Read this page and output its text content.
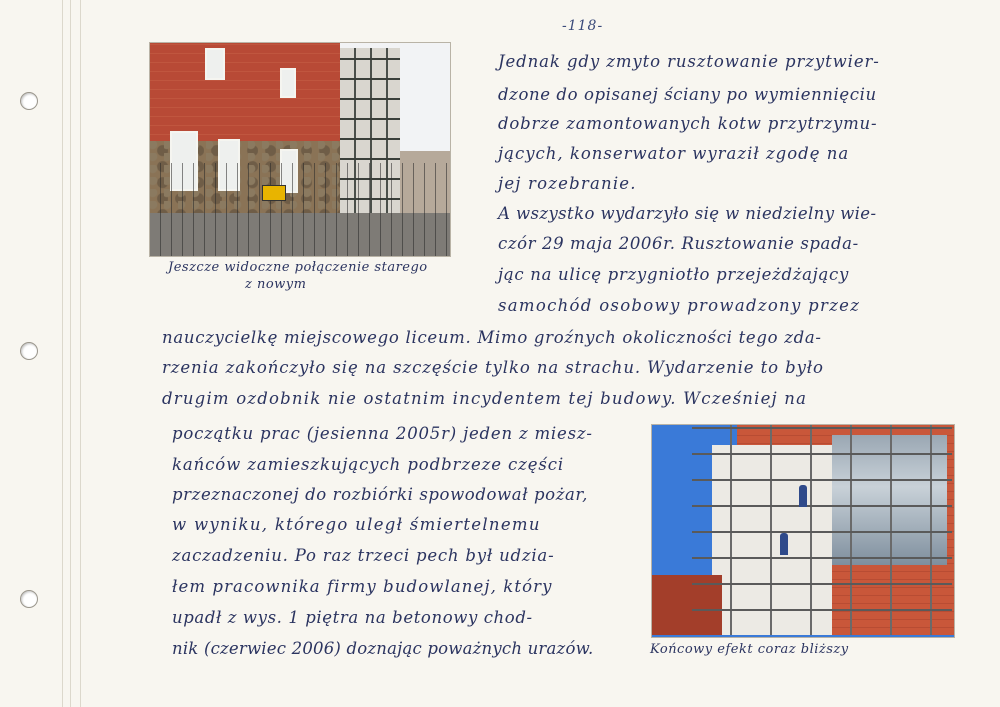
-118-
Jeszcze widoczne połączenie starego
z nowym
Końcowy efekt coraz bliższy
Jednak gdy zmyto rusztowanie przytwier-
dzone do opisanej ściany po wymiennięciu
dobrze zamontowanych kotw przytrzymu-
jących, konserwator wyraził zgodę na
jej rozebranie.
A wszystko wydarzyło się w niedzielny wie-
czór 29 maja 2006r. Rusztowanie spada-
jąc na ulicę przygniotło przejeżdżający
samochód osobowy prowadzony przez
nauczycielkę miejscowego liceum. Mimo groźnych okoliczności tego zda-
rzenia zakończyło się na szczęście tylko na strachu. Wydarzenie to było
drugim ozdobnik nie ostatnim incydentem tej budowy. Wcześniej na
początku prac (jesienna 2005r) jeden z miesz-
kańców zamieszkujących podbrzeze części
przeznaczonej do rozbiórki spowodował pożar,
w wyniku, którego uległ śmiertelnemu
zaczadzeniu. Po raz trzeci pech był udzia-
łem pracownika firmy budowlanej, który
upadł z wys. 1 piętra na betonowy chod-
nik (czerwiec 2006) doznając poważnych urazów.
